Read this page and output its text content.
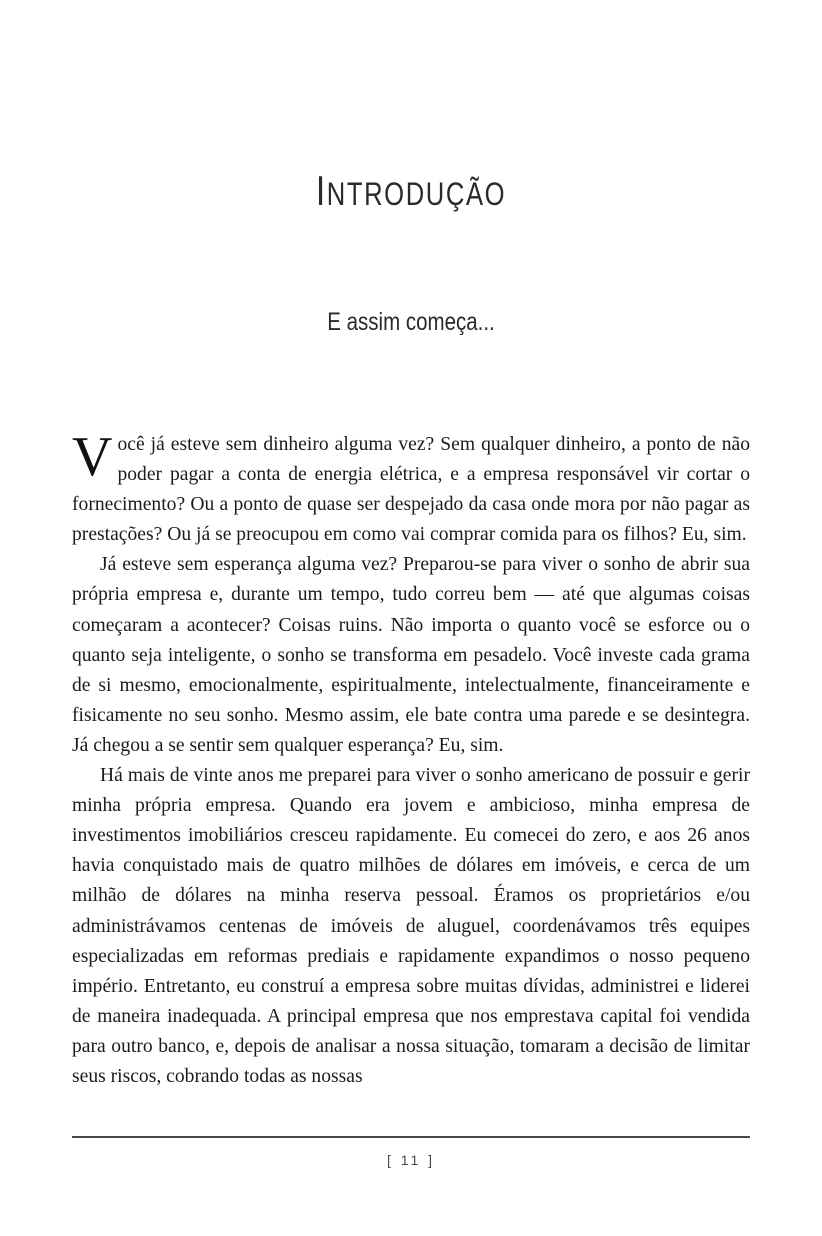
INTRODUÇÃO
E assim começa...

Você já esteve sem dinheiro alguma vez? Sem qualquer dinheiro, a ponto de não poder pagar a conta de energia elétrica, e a empresa responsável vir cortar o fornecimento? Ou a ponto de quase ser despejado da casa onde mora por não pagar as prestações? Ou já se preocupou em como vai comprar comida para os filhos? Eu, sim.

Já esteve sem esperança alguma vez? Preparou-se para viver o sonho de abrir sua própria empresa e, durante um tempo, tudo correu bem — até que algumas coisas começaram a acontecer? Coisas ruins. Não importa o quanto você se esforce ou o quanto seja inteligente, o sonho se transforma em pesadelo. Você investe cada grama de si mesmo, emocionalmente, espiritualmente, intelectualmente, financeiramente e fisicamente no seu sonho. Mesmo assim, ele bate contra uma parede e se desintegra. Já chegou a se sentir sem qualquer esperança? Eu, sim.

Há mais de vinte anos me preparei para viver o sonho americano de possuir e gerir minha própria empresa. Quando era jovem e ambicioso, minha empresa de investimentos imobiliários cresceu rapidamente. Eu comecei do zero, e aos 26 anos havia conquistado mais de quatro milhões de dólares em imóveis, e cerca de um milhão de dólares na minha reserva pessoal. Éramos os proprietários e/ou administrávamos centenas de imóveis de aluguel, coordenávamos três equipes especializadas em reformas prediais e rapidamente expandimos o nosso pequeno império. Entretanto, eu construí a empresa sobre muitas dívidas, administrei e liderei de maneira inadequada. A principal empresa que nos emprestava capital foi vendida para outro banco, e, depois de analisar a nossa situação, tomaram a decisão de limitar seus riscos, cobrando todas as nossas

[ 11 ]
